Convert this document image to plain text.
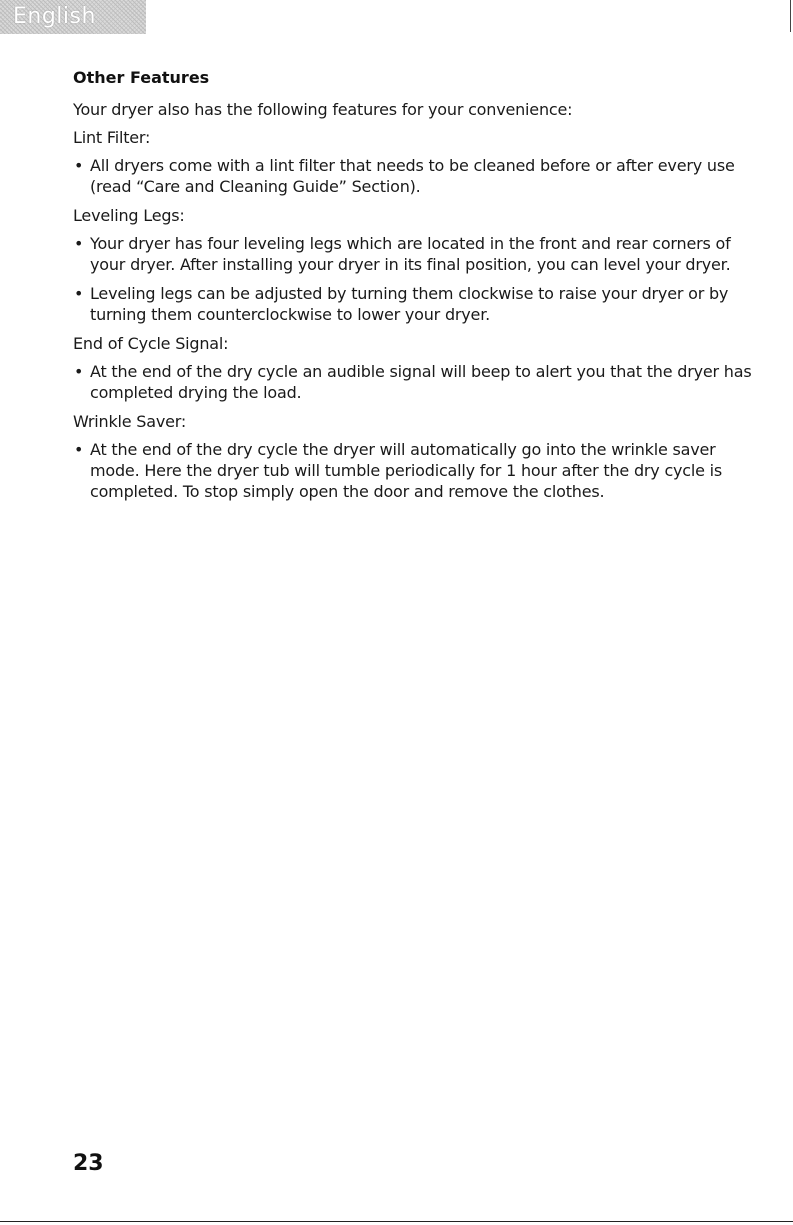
English
Other Features
Your dryer also has the following features for your convenience:
Lint Filter:
• All dryers come with a lint filter that needs to be cleaned before or after every use (read “Care and Cleaning Guide” Section).
Leveling Legs:
• Your dryer has four leveling legs which are located in the front and rear corners of your dryer. After installing your dryer in its final position, you can level your dryer.
• Leveling legs can be adjusted by turning them clockwise to raise your dryer or by turning them counterclockwise to lower your dryer.
End of Cycle Signal:
• At the end of the dry cycle an audible signal will beep to alert you that the dryer has completed drying the load.
Wrinkle Saver:
• At the end of the dry cycle the dryer will automatically go into the wrinkle saver mode. Here the dryer tub will tumble periodically for 1 hour after the dry cycle is completed. To stop simply open the door and remove the clothes.
23
